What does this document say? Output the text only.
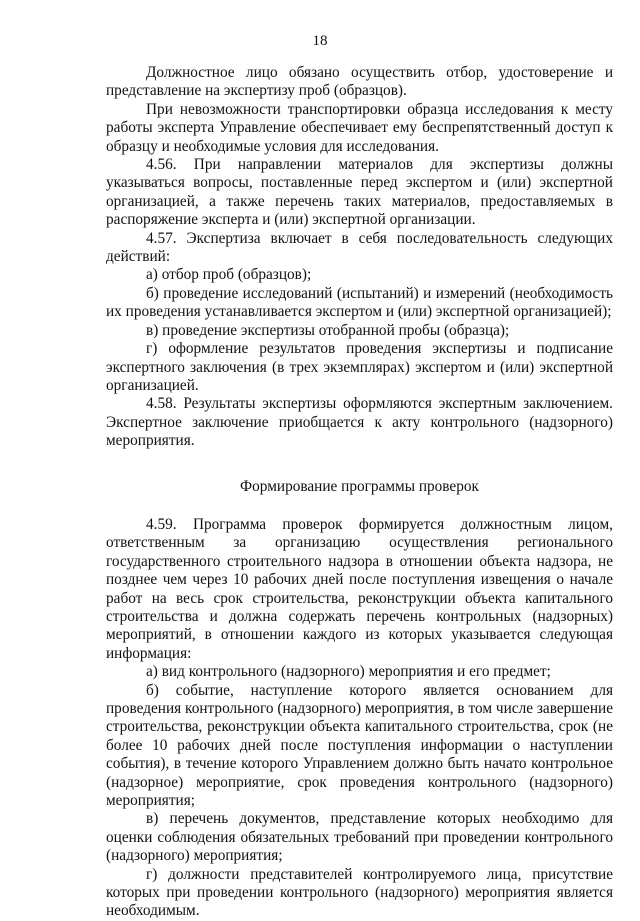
18

Должностное лицо обязано осуществить отбор, удостоверение и представление на экспертизу проб (образцов).

При невозможности транспортировки образца исследования к месту работы эксперта Управление обеспечивает ему беспрепятственный доступ к образцу и необходимые условия для исследования.

4.56. При направлении материалов для экспертизы должны указываться вопросы, поставленные перед экспертом и (или) экспертной организацией, а также перечень таких материалов, предоставляемых в распоряжение эксперта и (или) экспертной организации.

4.57. Экспертиза включает в себя последовательность следующих действий:

а) отбор проб (образцов);

б) проведение исследований (испытаний) и измерений (необходимость их проведения устанавливается экспертом и (или) экспертной организацией);

в) проведение экспертизы отобранной пробы (образца);

г) оформление результатов проведения экспертизы и подписание экспертного заключения (в трех экземплярах) экспертом и (или) экспертной организацией.

4.58. Результаты экспертизы оформляются экспертным заключением. Экспертное заключение приобщается к акту контрольного (надзорного) мероприятия.

Формирование программы проверок

4.59. Программа проверок формируется должностным лицом, ответственным за организацию осуществления регионального государственного строительного надзора в отношении объекта надзора, не позднее чем через 10 рабочих дней после поступления извещения о начале работ на весь срок строительства, реконструкции объекта капитального строительства и должна содержать перечень контрольных (надзорных) мероприятий, в отношении каждого из которых указывается следующая информация:

а) вид контрольного (надзорного) мероприятия и его предмет;

б) событие, наступление которого является основанием для проведения контрольного (надзорного) мероприятия, в том числе завершение строительства, реконструкции объекта капитального строительства, срок (не более 10 рабочих дней после поступления информации о наступлении события), в течение которого Управлением должно быть начато контрольное (надзорное) мероприятие, срок проведения контрольного (надзорного) мероприятия;

в) перечень документов, представление которых необходимо для оценки соблюдения обязательных требований при проведении контрольного (надзорного) мероприятия;

г) должности представителей контролируемого лица, присутствие которых при проведении контрольного (надзорного) мероприятия является необходимым.
